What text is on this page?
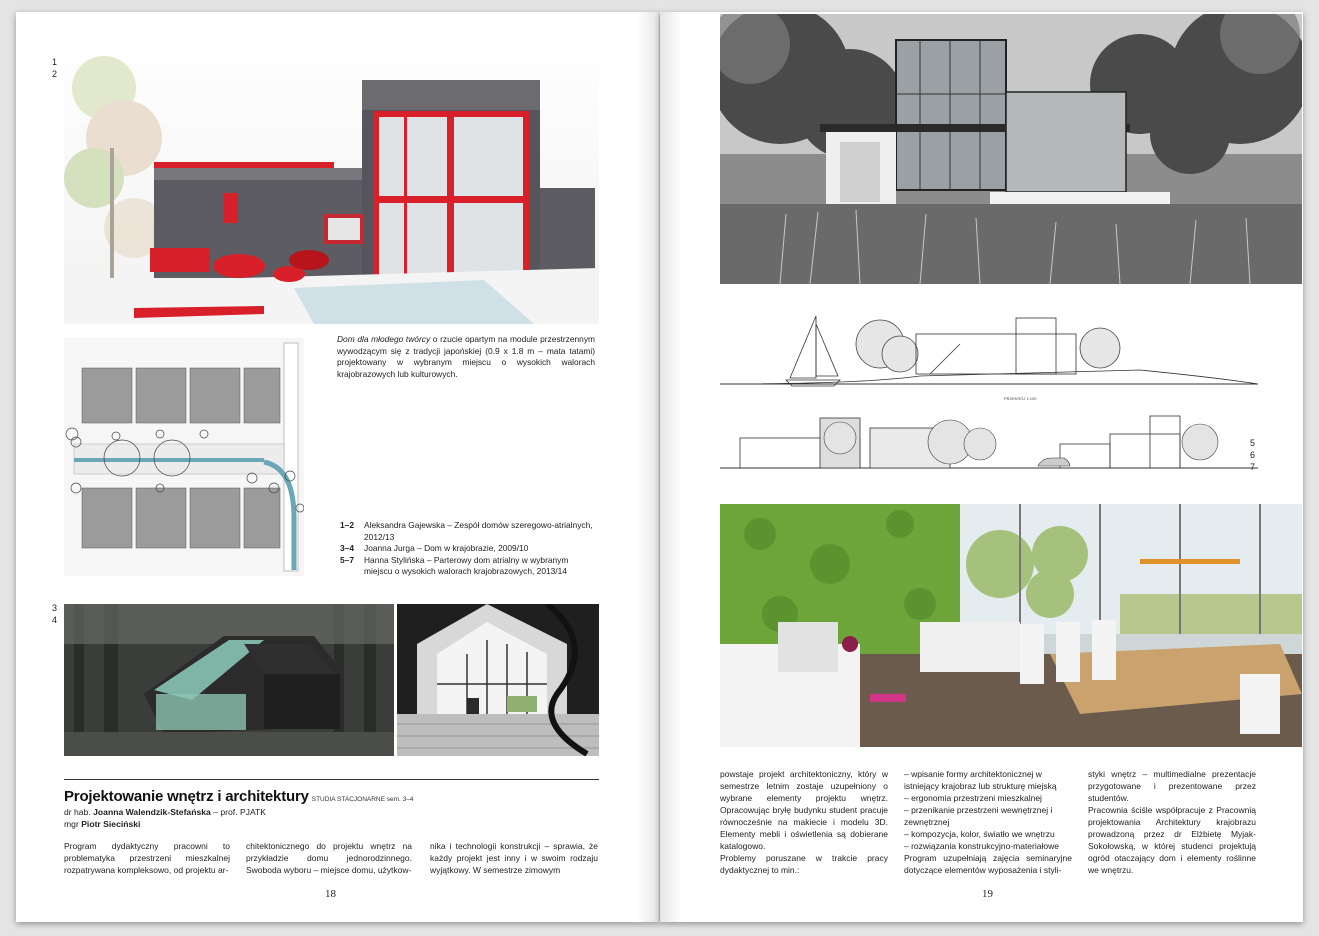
1
2
Dom dla młodego twórcy o rzucie opartym na module przestrzennym wywodzącym się z tradycji japońskiej (0.9 x 1.8 m – mata tatami) projektowany w wybranym miejscu o wysokich walorach krajobrazowych lub kulturowych.
1–2	Aleksandra Gajewska – Zespół domów szeregowo-atrialnych, 2012/13
3–4	Joanna Jurga – Dom w krajobrazie, 2009/10
5–7	Hanna Stylińska – Parterowy dom atrialny w wybranym miejscu o wysokich walorach krajobrazowych, 2013/14
3
4
Projektowanie wnętrz i architektury STUDIA STACJONARNE sem. 3–4
dr hab. Joanna Walendzik-Stefańska – prof. PJATK
mgr Piotr Sieciński

Program dydaktyczny pracowni to problematyka przestrzeni mieszkalnej rozpatrywana kompleksowo, od projektu ar-

chitektonicznego do projektu wnętrz na przykładzie domu jednorodzinnego. Swoboda wyboru – miejsce domu, użytkow-

nika i technologii konstrukcji – sprawia, że każdy projekt jest inny i w swoim rodzaju wyjątkowy. W semestrze zimowym

18
PRZEKRÓJ 1:100
5
6
7

powstaje projekt architektoniczny, który w semestrze letnim zostaje uzupełniony o wybrane elementy projektu wnętrz. Opracowując bryłę budynku student pracuje równocześnie na makiecie i modelu 3D. Elementy mebli i oświetlenia są dobierane katalogowo.

Problemy poruszane w trakcie pracy dydaktycznej to min.:

– wpisanie formy architektonicznej w istniejący krajobraz lub strukturę miejską

– ergonomia przestrzeni mieszkalnej

– przenikanie przestrzeni wewnętrznej i zewnętrznej

– kompozycja, kolor, światło we wnętrzu

– rozwiązania konstrukcyjno-materiałowe

Program uzupełniają zajęcia seminaryjne dotyczące elementów wyposażenia i styli-

styki wnętrz – multimedialne prezentacje przygotowane i prezentowane przez studentów.

Pracownia ściśle współpracuje z Pracownią projektowania Architektury krajobrazu prowadzoną przez dr Elżbietę Myjak-Sokołowską, w której studenci projektują ogród otaczający dom i elementy roślinne we wnętrzu.

19
